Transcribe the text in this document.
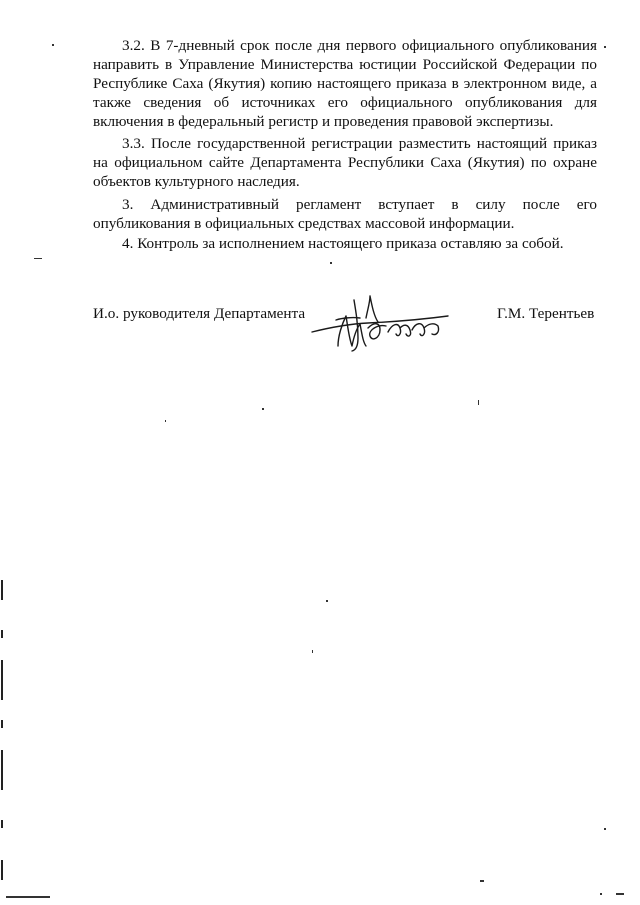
3.2. В 7-дневный срок после дня первого официального опубликования
направить в Управление Министерства юстиции Российской Федерации по
Республике Саха (Якутия) копию настоящего приказа в электронном виде, а
также сведения об источниках его официального опубликования для
включения в федеральный регистр и проведения правовой экспертизы.
3.3. После государственной регистрации разместить настоящий приказ
на официальном сайте Департамента Республики Саха (Якутия) по охране
объектов культурного наследия.
3. Административный регламент вступает в силу после его
опубликования в официальных средствах массовой информации.
4. Контроль за исполнением настоящего приказа оставляю за собой.
И.о. руководителя Департамента	Г.М. Терентьев
